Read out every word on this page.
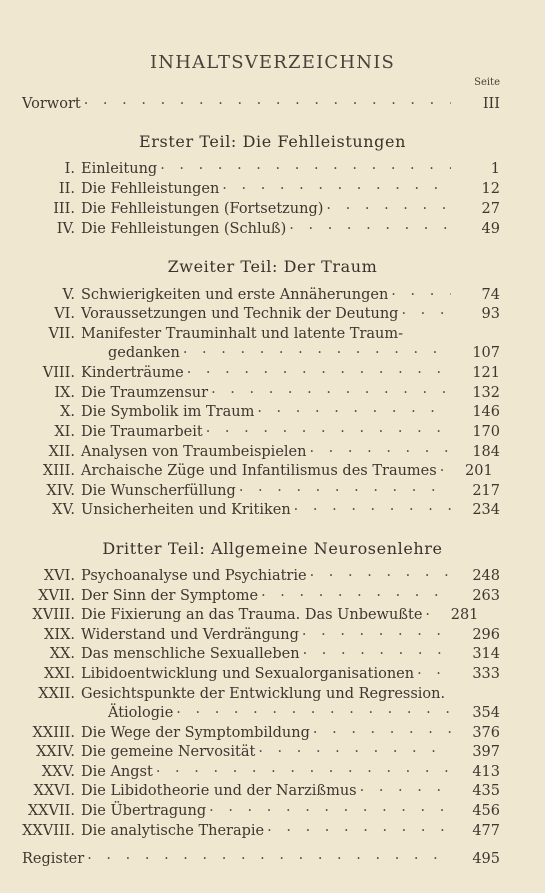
INHALTSVERZEICHNIS
Seite
Vorwort · · ·	III
Erster Teil: Die Fehlleistungen
I. Einleitung · · ·	1
II. Die Fehlleistungen · · ·	12
III. Die Fehlleistungen (Fortsetzung) · · ·	27
IV. Die Fehlleistungen (Schluß) · · ·	49
Zweiter Teil: Der Traum
V. Schwierigkeiten und erste Annäherungen · · ·	74
VI. Voraussetzungen und Technik der Deutung · · ·	93
VII. Manifester Trauminhalt und latente Traum-
gedanken · · ·	107
VIII. Kinderträume · · ·	121
IX. Die Traumzensur · · ·	132
X. Die Symbolik im Traum · · ·	146
XI. Die Traumarbeit · · ·	170
XII. Analysen von Traumbeispielen · · ·	184
XIII. Archaische Züge und Infantilismus des Traumes · · ·	201
XIV. Die Wunscherfüllung · · ·	217
XV. Unsicherheiten und Kritiken · · ·	234
Dritter Teil: Allgemeine Neurosenlehre
XVI. Psychoanalyse und Psychiatrie · · ·	248
XVII. Der Sinn der Symptome · · ·	263
XVIII. Die Fixierung an das Trauma. Das Unbewußte · · ·	281
XIX. Widerstand und Verdrängung · · ·	296
XX. Das menschliche Sexualleben · · ·	314
XXI. Libidoentwicklung und Sexualorganisationen · · ·	333
XXII. Gesichtspunkte der Entwicklung und Regression.
Ätiologie · · ·	354
XXIII. Die Wege der Symptombildung · · ·	376
XXIV. Die gemeine Nervosität · · ·	397
XXV. Die Angst · · ·	413
XXVI. Die Libidotheorie und der Narzißmus · · ·	435
XXVII. Die Übertragung · · ·	456
XXVIII. Die analytische Therapie · · ·	477
Register · · ·	495
